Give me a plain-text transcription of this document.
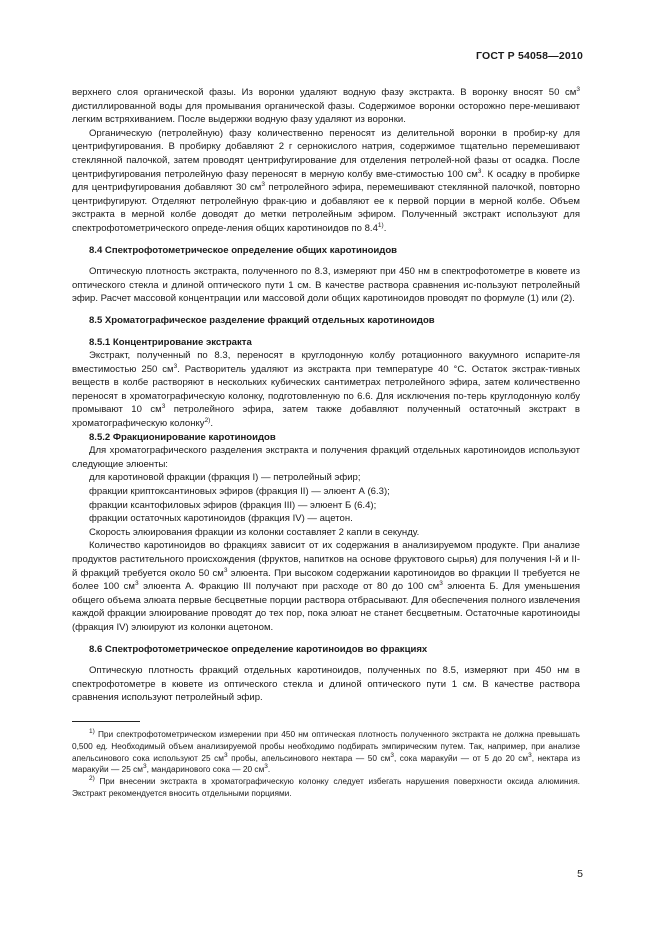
ГОСТ Р 54058—2010

верхнего слоя органической фазы. Из воронки удаляют водную фазу экстракта. В воронку вносят 50 $см^3$ дистиллированной воды для промывания органической фазы. Содержимое воронки осторожно пере-мешивают легким встряхиванием. После выдержки водную фазу удаляют из воронки.

Органическую (петролейную) фазу количественно переносят из делительной воронки в пробир-ку для центрифугирования. В пробирку добавляют 2 г сернокислого натрия, содержимое тщательно перемешивают стеклянной палочкой, затем проводят центрифугирование для отделения петролей-ной фазы от осадка. После центрифугирования петролейную фазу переносят в мерную колбу вме-стимостью 100 $см^3$. К осадку в пробирке для центрифугирования добавляют 30 $см^3$ петролейного эфира, перемешивают стеклянной палочкой, повторно центрифугируют. Отделяют петролейную фрак-цию и добавляют ее к первой порции в мерной колбе. Объем экстракта в мерной колбе доводят до метки петролейным эфиром. Полученный экстракт используют для спектрофотометрического опреде-ления общих каротиноидов по 8.4$^{1)}$.

8.4 Спектрофотометрическое определение общих каротиноидов

Оптическую плотность экстракта, полученного по 8.3, измеряют при 450 нм в спектрофотометре в кювете из оптического стекла и длиной оптического пути 1 см. В качестве раствора сравнения ис-пользуют петролейный эфир. Расчет массовой концентрации или массовой доли общих каротиноидов проводят по формуле (1) или (2).

8.5 Хроматографическое разделение фракций отдельных каротиноидов

8.5.1 Концентрирование экстракта

Экстракт, полученный по 8.3, переносят в круглодонную колбу ротационного вакуумного испарите-ля вместимостью 250 $см^3$. Растворитель удаляют из экстракта при температуре 40 °С. Остаток экстрак-тивных веществ в колбе растворяют в нескольких кубических сантиметрах петролейного эфира, затем количественно переносят в хроматографическую колонку, подготовленную по 6.6. Для исключения по-терь круглодонную колбу промывают 10 $см^3$ петролейного эфира, затем также добавляют полученный остаточный экстракт в хроматографическую колонку$^{2)}$.

8.5.2 Фракционирование каротиноидов

Для хроматографического разделения экстракта и получения фракций отдельных каротиноидов используют следующие элюенты:

для каротиновой фракции (фракция I) — петролейный эфир;

фракции криптоксантиновых эфиров (фракция II) — элюент А (6.3);

фракции ксантофиловых эфиров (фракция III) — элюент Б (6.4);

фракции остаточных каротиноидов (фракция IV) — ацетон.

Скорость элюирования фракции из колонки составляет 2 капли в секунду.

Количество каротиноидов во фракциях зависит от их содержания в анализируемом продукте. При анализе продуктов растительного происхождения (фруктов, напитков на основе фруктового сырья) для получения I-й и II-й фракций требуется около 50 $см^3$ элюента. При высоком содержании каротиноидов во фракции II требуется не более 100 $см^3$ элюента А. Фракцию III получают при расходе от 80 до 100 $см^3$ элюента Б. Для уменьшения общего объема элюата первые бесцветные порции раствора отбрасывают. Для обеспечения полного извлечения каждой фракции элюирование проводят до тех пор, пока элюат не станет бесцветным. Остаточные каротиноиды (фракция IV) элюируют из колонки ацетоном.

8.6 Спектрофотометрическое определение каротиноидов во фракциях

Оптическую плотность фракций отдельных каротиноидов, полученных по 8.5, измеряют при 450 нм в спектрофотометре в кювете из оптического стекла и длиной оптического пути 1 см. В качестве раствора сравнения используют петролейный эфир.

$^{1)}$ При спектрофотометрическом измерении при 450 нм оптическая плотность полученного экстракта не должна превышать 0,500 ед. Необходимый объем анализируемой пробы необходимо подбирать эмпирическим путем. Так, например, при анализе апельсинового сока используют 25 $см^3$ пробы, апельсинового нектара — 50 $см^3$, сока маракуйи — от 5 до 20 $см^3$, нектара из маракуйи — 25 $см^3$, мандаринового сока — 20 $см^3$.

$^{2)}$ При внесении экстракта в хроматографическую колонку следует избегать нарушения поверхности оксида алюминия. Экстракт рекомендуется вносить отдельными порциями.

5
